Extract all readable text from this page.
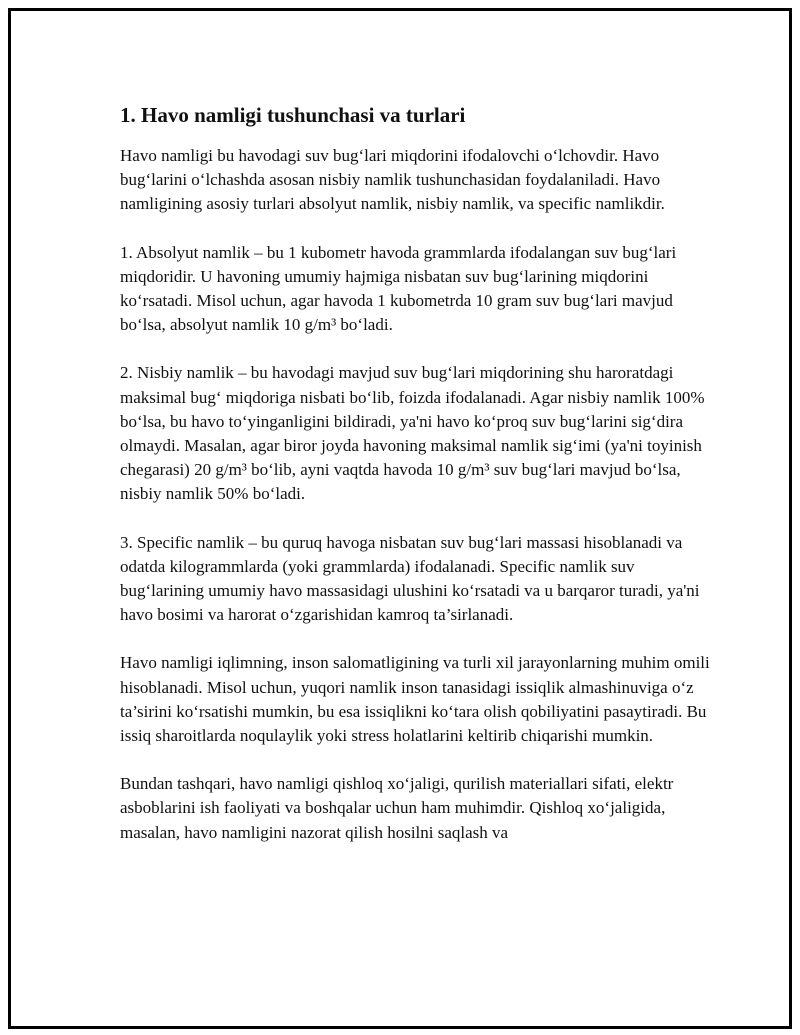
1. Havo namligi tushunchasi va turlari

Havo namligi bu havodagi suv bug‘lari miqdorini ifodalovchi o‘lchovdir. Havo bug‘larini o‘lchashda asosan nisbiy namlik tushunchasidan foydalaniladi. Havo namligining asosiy turlari absolyut namlik, nisbiy namlik, va specific namlikdir.

1. Absolyut namlik – bu 1 kubometr havoda grammlarda ifodalangan suv bug‘lari miqdoridir. U havoning umumiy hajmiga nisbatan suv bug‘larining miqdorini ko‘rsatadi. Misol uchun, agar havoda 1 kubometrda 10 gram suv bug‘lari mavjud bo‘lsa, absolyut namlik 10 g/m³ bo‘ladi.

2. Nisbiy namlik – bu havodagi mavjud suv bug‘lari miqdorining shu haroratdagi maksimal bug‘ miqdoriga nisbati bo‘lib, foizda ifodalanadi. Agar nisbiy namlik 100% bo‘lsa, bu havo to‘yinganligini bildiradi, ya'ni havo ko‘proq suv bug‘larini sig‘dira olmaydi. Masalan, agar biror joyda havoning maksimal namlik sig‘imi (ya'ni toyinish chegarasi) 20 g/m³ bo‘lib, ayni vaqtda havoda 10 g/m³ suv bug‘lari mavjud bo‘lsa, nisbiy namlik 50% bo‘ladi.

3. Specific namlik – bu quruq havoga nisbatan suv bug‘lari massasi hisoblanadi va odatda kilogrammlarda (yoki grammlarda) ifodalanadi. Specific namlik suv bug‘larining umumiy havo massasidagi ulushini ko‘rsatadi va u barqaror turadi, ya'ni havo bosimi va harorat o‘zgarishidan kamroq ta’sirlanadi.

Havo namligi iqlimning, inson salomatligining va turli xil jarayonlarning muhim omili hisoblanadi. Misol uchun, yuqori namlik inson tanasidagi issiqlik almashinuviga o‘z ta’sirini ko‘rsatishi mumkin, bu esa issiqlikni ko‘tara olish qobiliyatini pasaytiradi. Bu issiq sharoitlarda noqulaylik yoki stress holatlarini keltirib chiqarishi mumkin.

Bundan tashqari, havo namligi qishloq xo‘jaligi, qurilish materiallari sifati, elektr asboblarini ish faoliyati va boshqalar uchun ham muhimdir. Qishloq xo‘jaligida, masalan, havo namligini nazorat qilish hosilni saqlash va
